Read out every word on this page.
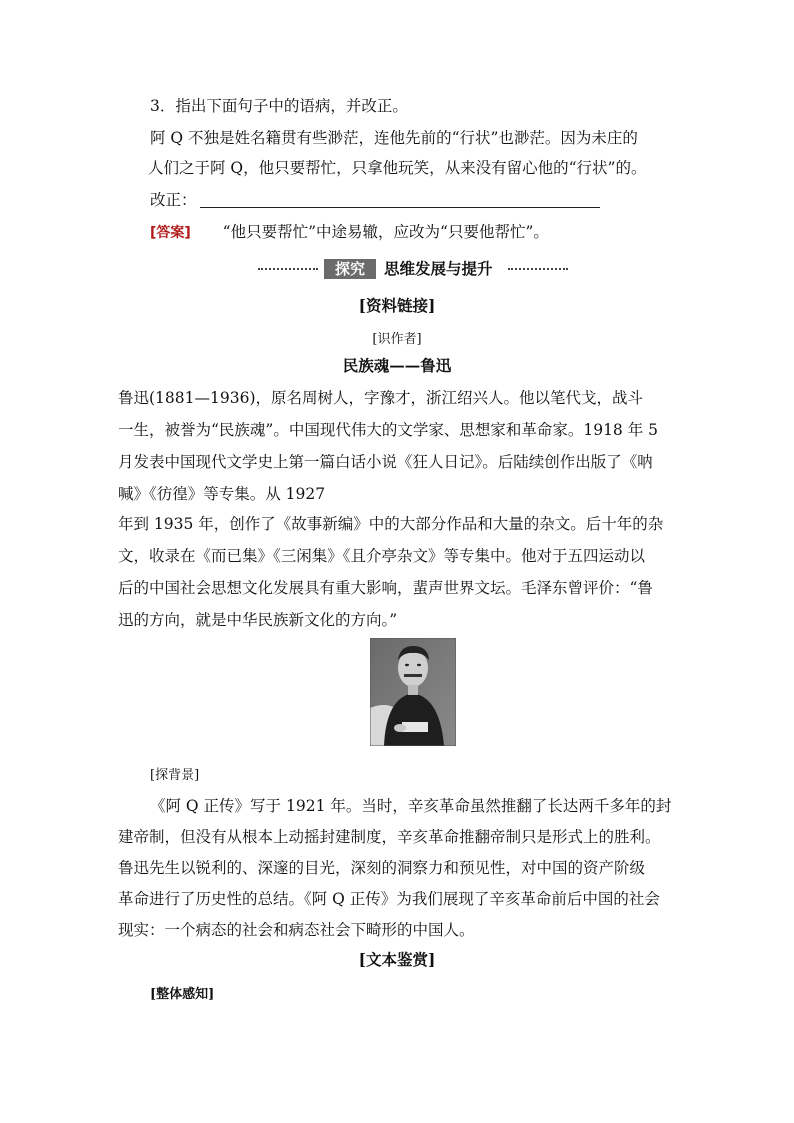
3．指出下面句子中的语病，并改正。
阿 Q 不独是姓名籍贯有些渺茫，连他先前的“行状”也渺茫。因为未庄的
人们之于阿 Q，他只要帮忙，只拿他玩笑，从来没有留心他的“行状”的。
改正：
[答案] “他只要帮忙”中途易辙，应改为“只要他帮忙”。
探究	思维发展与提升
[资料链接]
[识作者]
民族魂——鲁迅
鲁迅(1881—1936)，原名周树人，字豫才，浙江绍兴人。他以笔代戈，战斗
一生，被誉为“民族魂”。中国现代伟大的文学家、思想家和革命家。1918 年 5
月发表中国现代文学史上第一篇白话小说《狂人日记》。后陆续创作出版了《呐
喊》《彷徨》等专集。从 1927
年到 1935 年，创作了《故事新编》中的大部分作品和大量的杂文。后十年的杂
文，收录在《而已集》《三闲集》《且介亭杂文》等专集中。他对于五四运动以
后的中国社会思想文化发展具有重大影响，蜚声世界文坛。毛泽东曾评价：“鲁
迅的方向，就是中华民族新文化的方向。”
[探背景]
《阿 Q 正传》写于 1921 年。当时，辛亥革命虽然推翻了长达两千多年的封
建帝制，但没有从根本上动摇封建制度，辛亥革命推翻帝制只是形式上的胜利。
鲁迅先生以锐利的、深邃的目光，深刻的洞察力和预见性，对中国的资产阶级
革命进行了历史性的总结。《阿 Q 正传》为我们展现了辛亥革命前后中国的社会
现实：一个病态的社会和病态社会下畸形的中国人。
[文本鉴赏]
[整体感知]
